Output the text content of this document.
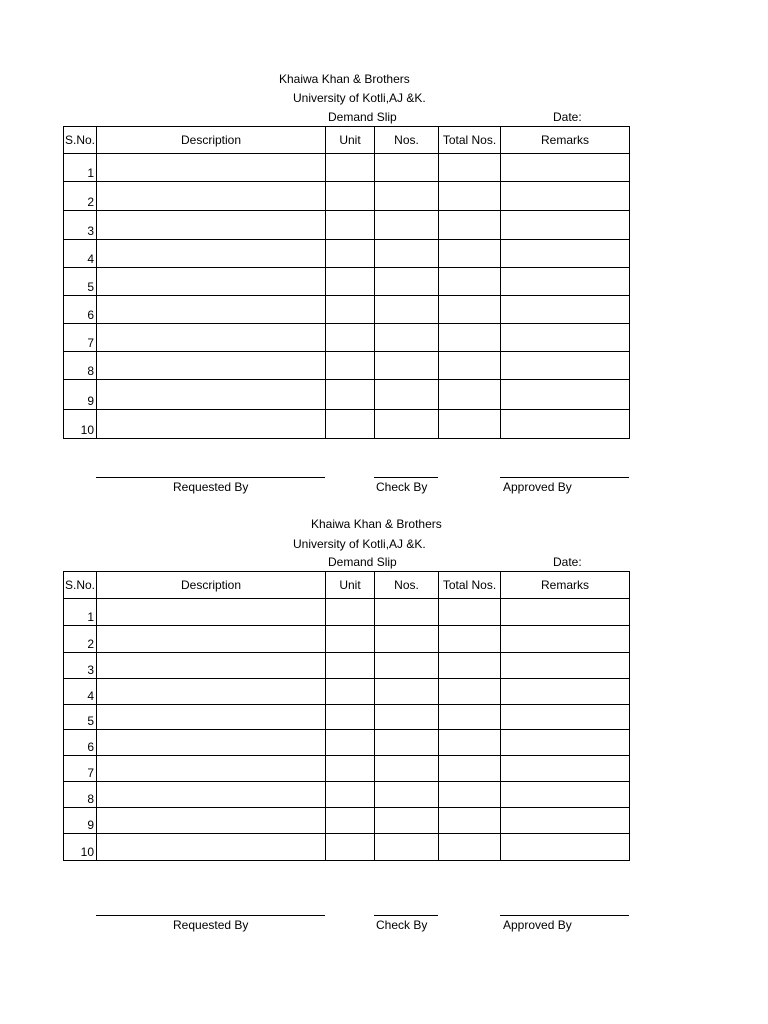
Khaiwa Khan & Brothers
University of Kotli,AJ &K.
Demand Slip	Date:
S.No.	Description	Unit	Nos.	Total Nos.	Remarks
1					
2					
3					
4					
5					
6					
7					
8					
9					
10					
Requested By	Check By	Approved By
Khaiwa Khan & Brothers
University of Kotli,AJ &K.
Demand Slip	Date:
S.No.	Description	Unit	Nos.	Total Nos.	Remarks
1					
2					
3					
4					
5					
6					
7					
8					
9					
10					
Requested By	Check By	Approved By
